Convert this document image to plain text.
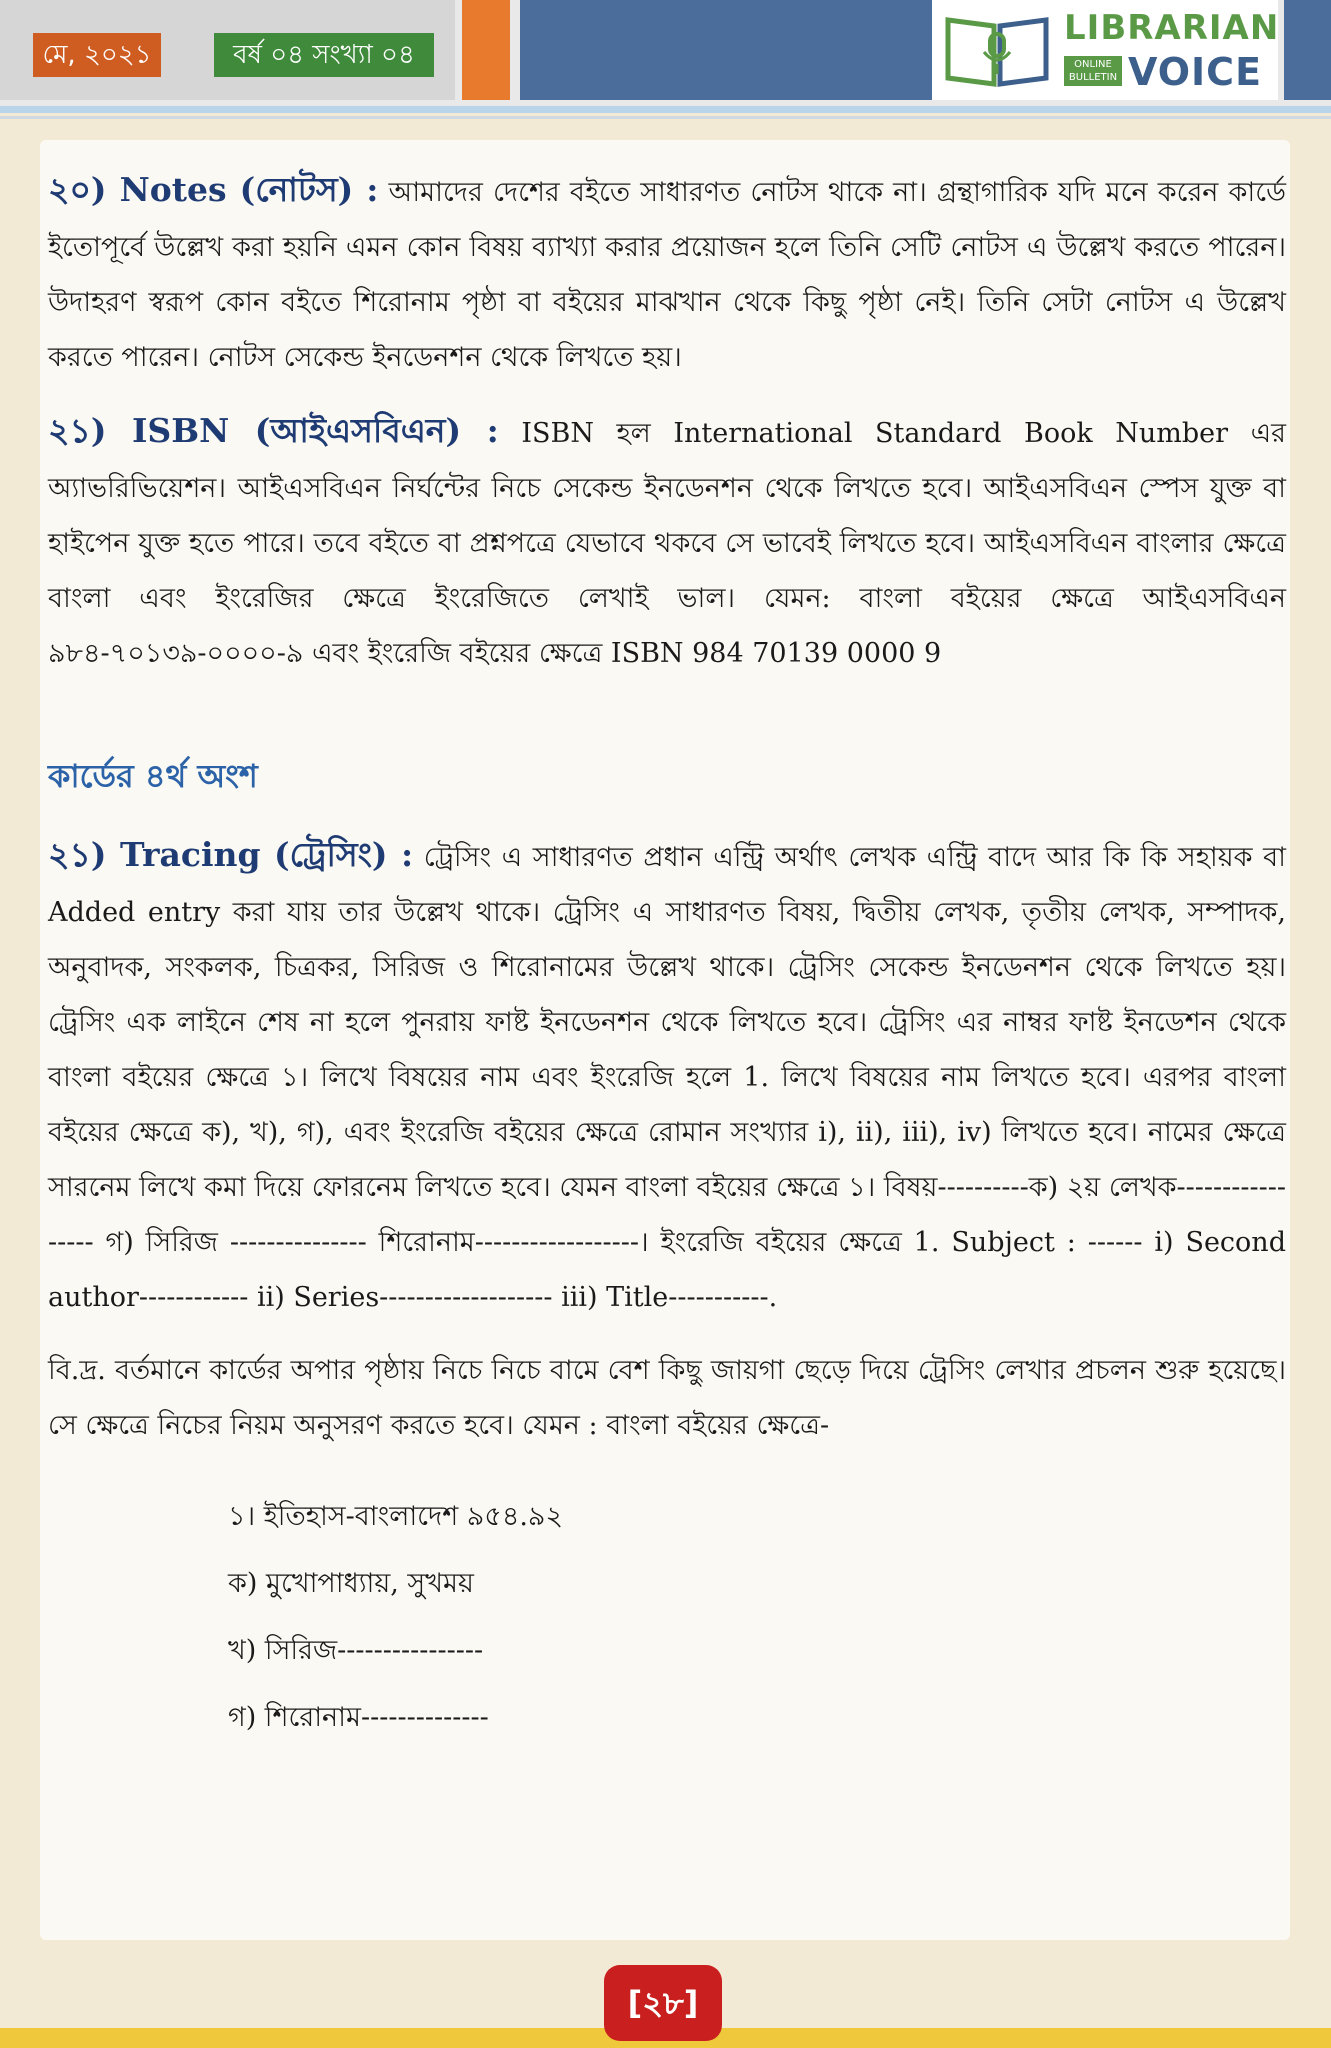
মে, ২০২১	বর্ষ ০৪ সংখ্যা ০৪
LIBRARIAN
ONLINE BULLETIN VOICE

২০) Notes (নোটস) : আমাদের দেশের বইতে সাধারণত নোটস থাকে না। গ্রন্থাগারিক যদি মনে করেন কার্ডে ইতোপূর্বে উল্লেখ করা হয়নি এমন কোন বিষয় ব্যাখ্যা করার প্রয়োজন হলে তিনি সেটি নোটস এ উল্লেখ করতে পারেন। উদাহরণ স্বরূপ কোন বইতে শিরোনাম পৃষ্ঠা বা বইয়ের মাঝখান থেকে কিছু পৃষ্ঠা নেই। তিনি সেটা নোটস এ উল্লেখ করতে পারেন। নোটস সেকেন্ড ইনডেনশন থেকে লিখতে হয়।

২১) ISBN (আইএসবিএন) : ISBN হল International Standard Book Number এর অ্যাভরিভিয়েশন। আইএসবিএন নির্ঘন্টের নিচে সেকেন্ড ইনডেনশন থেকে লিখতে হবে। আইএসবিএন স্পেস যুক্ত বা হাইপেন যুক্ত হতে পারে। তবে বইতে বা প্রশ্নপত্রে যেভাবে থকবে সে ভাবেই লিখতে হবে। আইএসবিএন বাংলার ক্ষেত্রে বাংলা এবং ইংরেজির ক্ষেত্রে ইংরেজিতে লেখাই ভাল। যেমন: বাংলা বইয়ের ক্ষেত্রে আইএসবিএন ৯৮৪-৭০১৩৯-০০০০-৯ এবং ইংরেজি বইয়ের ক্ষেত্রে ISBN 984 70139 0000 9

কার্ডের ৪র্থ অংশ

২১) Tracing (ট্রেসিং) : ট্রেসিং এ সাধারণত প্রধান এন্ট্রি অর্থাৎ লেখক এন্ট্রি বাদে আর কি কি সহায়ক বা Added entry করা যায় তার উল্লেখ থাকে। ট্রেসিং এ সাধারণত বিষয়, দ্বিতীয় লেখক, তৃতীয় লেখক, সম্পাদক, অনুবাদক, সংকলক, চিত্রকর, সিরিজ ও শিরোনামের উল্লেখ থাকে। ট্রেসিং সেকেন্ড ইনডেনশন থেকে লিখতে হয়। ট্রেসিং এক লাইনে শেষ না হলে পুনরায় ফাষ্ট ইনডেনশন থেকে লিখতে হবে। ট্রেসিং এর নাম্বর ফাষ্ট ইনডেশন থেকে বাংলা বইয়ের ক্ষেত্রে ১। লিখে বিষয়ের নাম এবং ইংরেজি হলে 1. লিখে বিষয়ের নাম লিখতে হবে। এরপর বাংলা বইয়ের ক্ষেত্রে ক), খ), গ), এবং ইংরেজি বইয়ের ক্ষেত্রে রোমান সংখ্যার i), ii), iii), iv) লিখতে হবে। নামের ক্ষেত্রে সারনেম লিখে কমা দিয়ে ফোরনেম লিখতে হবে। যেমন বাংলা বইয়ের ক্ষেত্রে ১। বিষয়----------ক) ২য় লেখক----------------- গ) সিরিজ --------------- শিরোনাম------------------। ইংরেজি বইয়ের ক্ষেত্রে 1. Subject : ------ i) Second author------------ ii) Series------------------- iii) Title-----------.

বি.দ্র. বর্তমানে কার্ডের অপার পৃষ্ঠায় নিচে নিচে বামে বেশ কিছু জায়গা ছেড়ে দিয়ে ট্রেসিং লেখার প্রচলন শুরু হয়েছে। সে ক্ষেত্রে নিচের নিয়ম অনুসরণ করতে হবে। যেমন : বাংলা বইয়ের ক্ষেত্রে-

১। ইতিহাস-বাংলাদেশ ৯৫৪.৯২
ক) মুখোপাধ্যায়, সুখময়
খ) সিরিজ----------------
গ) শিরোনাম--------------
[২৮]
